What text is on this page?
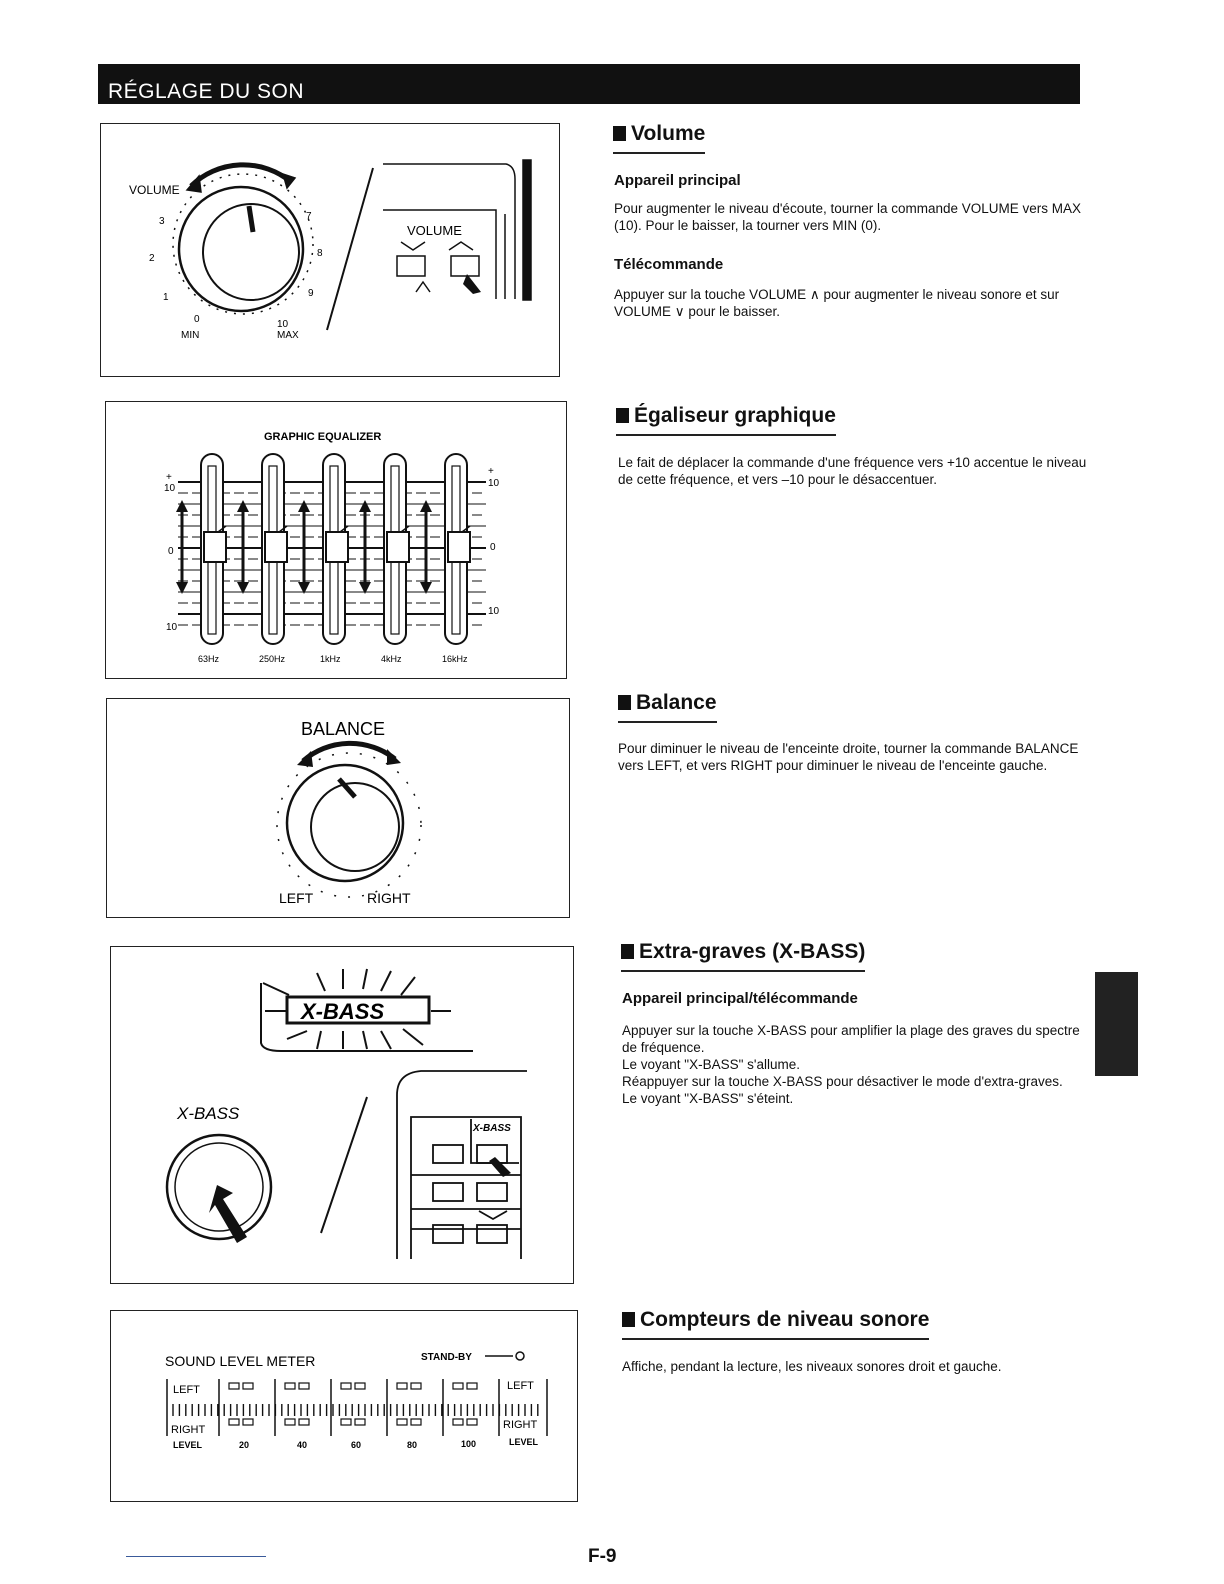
RÉGLAGE DU SON
VOLUME
0
1
2
3	7
8
9
10
MIN	MAX
VOLUME
GRAPHIC EQUALIZER
+
10
0
10
+
10
0
10
63Hz	250Hz	1kHz	4kHz	16kHz
BALANCE
LEFT	RIGHT
X-BASS
X-BASS
X-BASS
SOUND LEVEL METER	STAND-BY
LEFT
RIGHT
LEFT
RIGHT
LEVEL	LEVEL
20	40	60	80	100
Volume
Appareil principal
Pour augmenter le niveau d'écoute, tourner la commande VOLUME vers MAX (10). Pour le baisser, la tourner vers MIN (0).
Télécommande
Appuyer sur la touche VOLUME ∧ pour augmenter le niveau sonore et sur VOLUME ∨ pour le baisser.
Égaliseur graphique
Le fait de déplacer la commande d'une fréquence vers +10 accentue le niveau de cette fréquence, et vers –10 pour le désaccentuer.
Balance
Pour diminuer le niveau de l'enceinte droite, tourner la commande BALANCE vers LEFT, et vers RIGHT pour diminuer le niveau de l'enceinte gauche.
Extra-graves (X-BASS)
Appareil principal/télécommande
Appuyer sur la touche X-BASS pour amplifier la plage des graves du spectre de fréquence.
Le voyant "X-BASS" s'allume.
Réappuyer sur la touche X-BASS pour désactiver le mode d'extra-graves.
Le voyant "X-BASS" s'éteint.
Compteurs de niveau sonore
Affiche, pendant la lecture, les niveaux sonores droit et gauche.
F-9
